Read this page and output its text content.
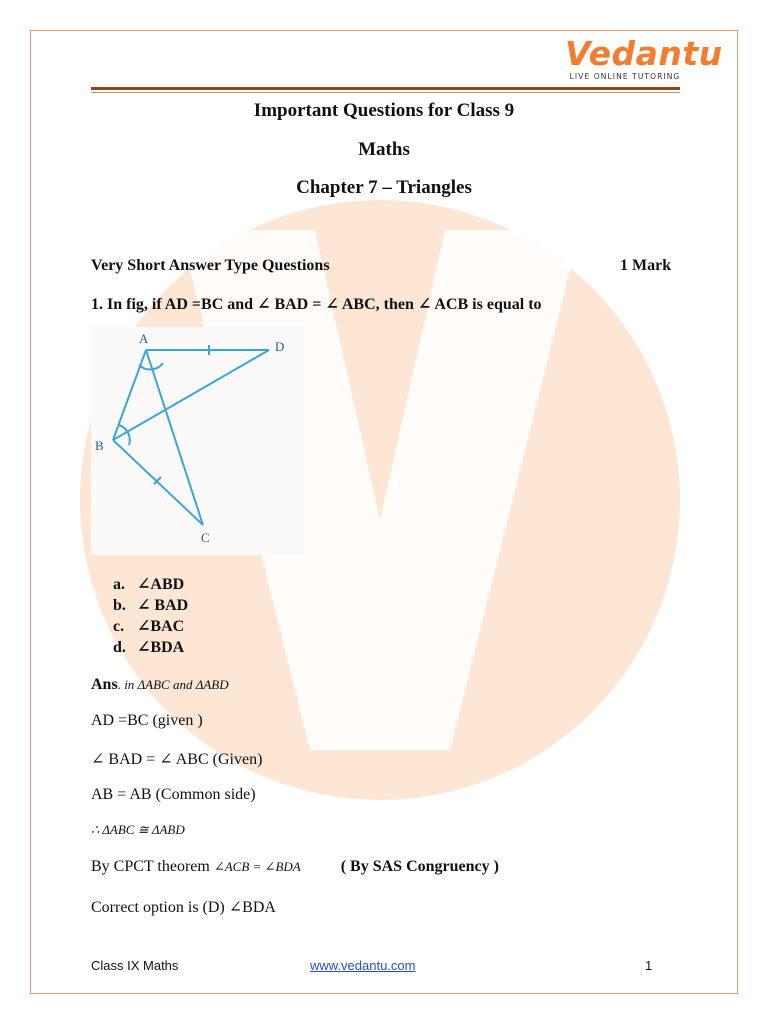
Vedantu
LIVE ONLINE TUTORING
Important Questions for Class 9
Maths
Chapter 7 – Triangles
Very Short Answer Type Questions	1 Mark
1. In fig, if AD =BC and ∠ BAD = ∠ ABC, then ∠ ACB is equal to
A
D
B
C
a. ∠ABD
b. ∠ BAD
c. ∠BAC
d. ∠BDA
Ans. in ΔABC and ΔABD
AD =BC (given )
∠ BAD = ∠ ABC (Given)
AB = AB (Common side)
∴ ΔABC ≅ ΔABD
By CPCT theorem ∠ACB = ∠BDA	( By SAS Congruency )
Correct option is (D) ∠BDA
Class IX Maths	www.vedantu.com	1
